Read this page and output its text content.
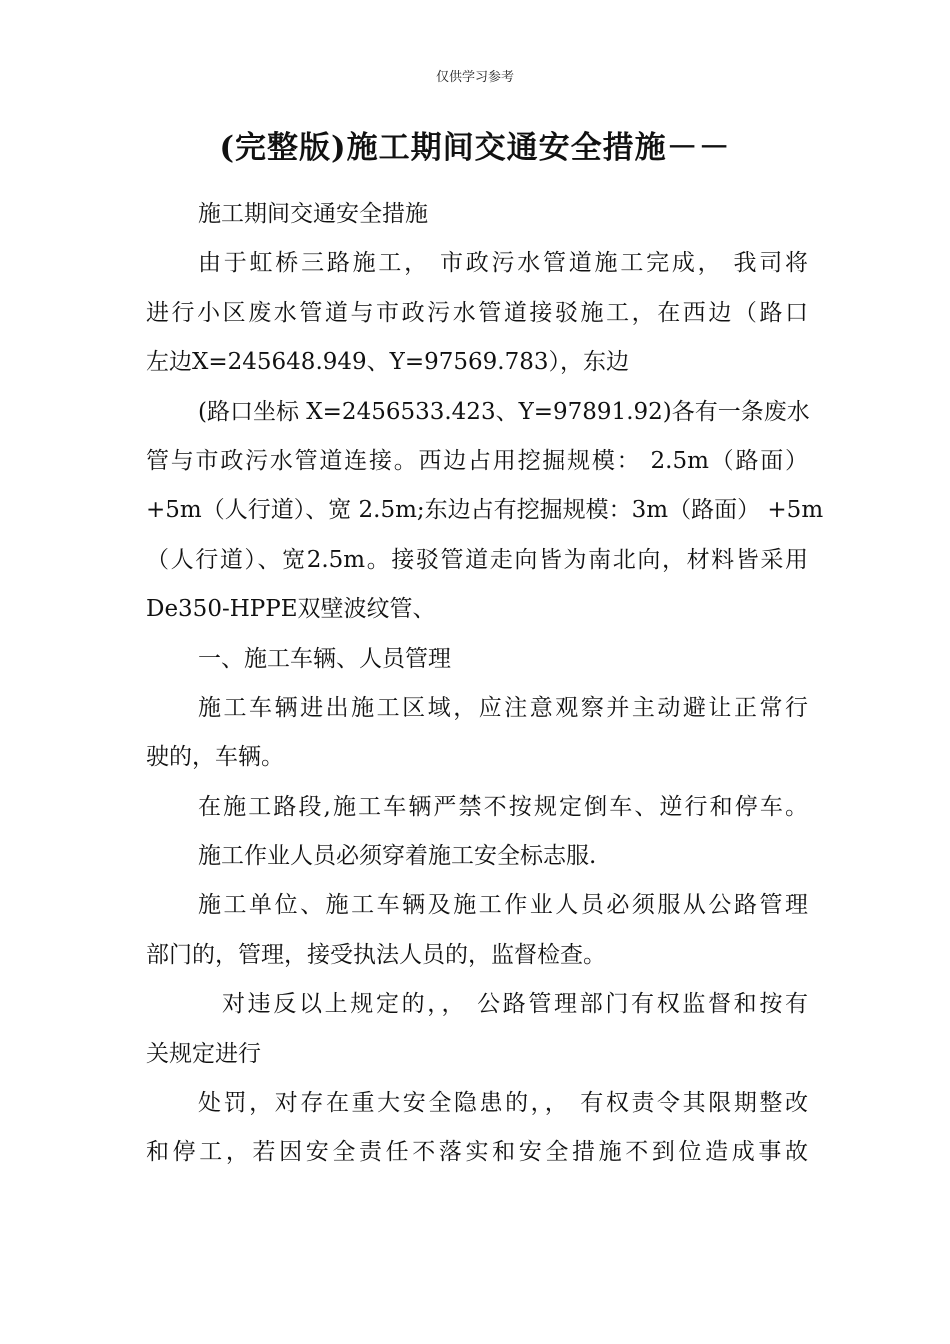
仅供学习参考
(完整版)施工期间交通安全措施－－
施工期间交通安全措施
由于虹桥三路施工， 市政污水管道施工完成， 我司将
进行小区废水管道与市政污水管道接驳施工，在西边（路口
左边X=245648.949、Y=97569.783），东边
(路口坐标 X=2456533.423、Y=97891.92)各有一条废水
管与市政污水管道连接。西边占用挖掘规模： 2.5m（路面）
+5m（人行道）、宽 2.5m;东边占有挖掘规模：3m（路面） +5m
（人行道）、宽2.5m。接驳管道走向皆为南北向，材料皆采用
De350-HPPE双壁波纹管、
一、施工车辆、人员管理
施工车辆进出施工区域，应注意观察并主动避让正常行
驶的，车辆。
在施工路段,施工车辆严禁不按规定倒车、逆行和停车。
施工作业人员必须穿着施工安全标志服.
施工单位、施工车辆及施工作业人员必须服从公路管理
部门的，管理，接受执法人员的，监督检查。
对违反以上规定的，， 公路管理部门有权监督和按有
关规定进行
处罚，对存在重大安全隐患的，， 有权责令其限期整改
和停工，若因安全责任不落实和安全措施不到位造成事故
